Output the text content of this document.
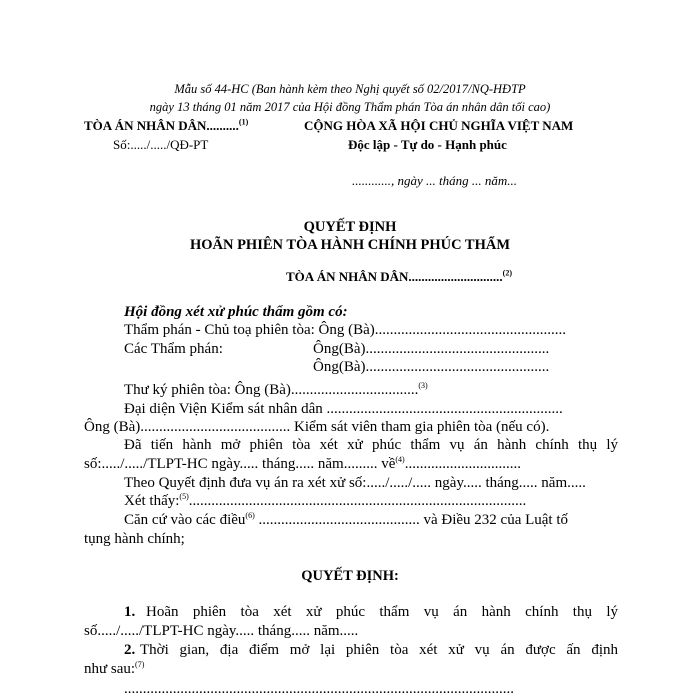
Mẫu số 44-HC (Ban hành kèm theo Nghị quyết số 02/2017/NQ-HĐTP
ngày 13 tháng 01 năm 2017 của Hội đồng Thẩm phán Tòa án nhân dân tối cao)
TÒA ÁN NHÂN DÂN..........$^{(1)}$
Số:...../...../QĐ-PT
CỘNG HÒA XÃ HỘI CHỦ NGHĨA VIỆT NAM
Độc lập - Tự do - Hạnh phúc
............, ngày ... tháng ... năm...
QUYẾT ĐỊNH
HOÃN PHIÊN TÒA HÀNH CHÍNH PHÚC THẨM
TÒA ÁN NHÂN DÂN.............................$^{(2)}$
Hội đồng xét xử phúc thẩm gồm có:
Thẩm phán - Chủ toạ phiên tòa: Ông (Bà)...................................................
Các Thẩm phán:	Ông(Bà).................................................
Ông(Bà).................................................
Thư ký phiên tòa: Ông (Bà)..................................$^{(3)}$
Đại diện Viện Kiểm sát nhân dân ...............................................................
Ông (Bà)........................................ Kiểm sát viên tham gia phiên tòa (nếu có).
Đã tiến hành mở phiên tòa xét xử phúc thẩm vụ án hành chính thụ lý
số:...../...../TLPT-HC ngày..... tháng..... năm......... về$^{(4)}$...............................
Theo Quyết định đưa vụ án ra xét xử số:...../...../..... ngày..... tháng..... năm.....
Xét thấy:$^{(5)}$..........................................................................................
Căn cứ vào các điều$^{(6)}$ ........................................... và Điều 232 của Luật tố
tụng hành chính;
QUYẾT ĐỊNH:
1. Hoãn phiên tòa xét xử phúc thẩm vụ án hành chính thụ lý
số...../...../TLPT-HC ngày..... tháng..... năm.....
2. Thời gian, địa điểm mở lại phiên tòa xét xử vụ án được ấn định
như sau:$^{(7)}$
........................................................................................................
